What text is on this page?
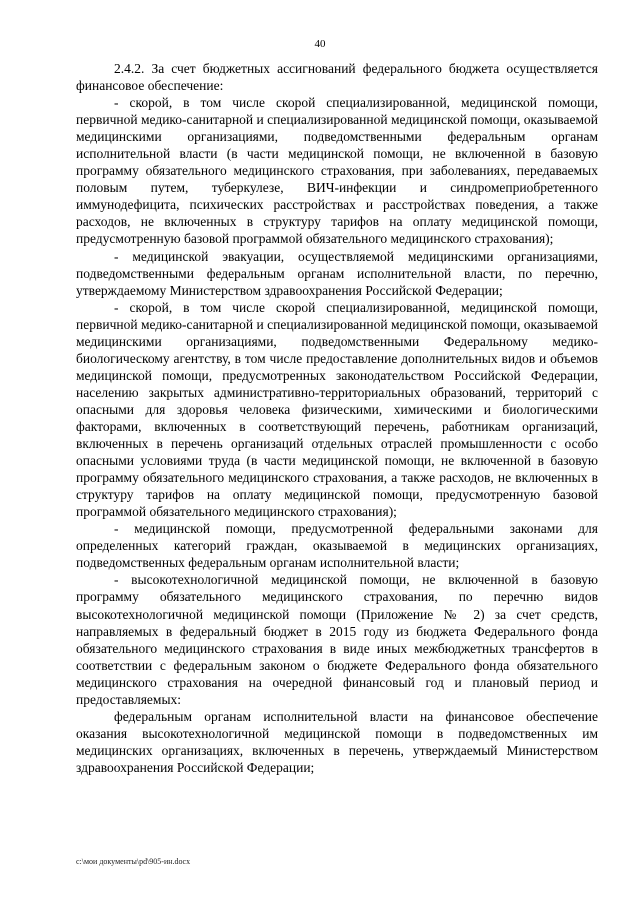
40

2.4.2. За счет бюджетных ассигнований федерального бюджета осуществляется финансовое обеспечение:

- скорой, в том числе скорой специализированной, медицинской помощи, первичной медико-санитарной и специализированной медицинской помощи, оказываемой медицинскими организациями, подведомственными федеральным органам исполнительной власти (в части медицинской помощи, не включенной в базовую программу обязательного медицинского страхования, при заболеваниях, передаваемых половым путем, туберкулезе, ВИЧ-инфекции и синдромеприобретенного иммунодефицита, психических расстройствах и расстройствах поведения, а также расходов, не включенных в структуру тарифов на оплату медицинской помощи, предусмотренную базовой программой обязательного медицинского страхования);

- медицинской эвакуации, осуществляемой медицинскими организациями, подведомственными федеральным органам исполнительной власти, по перечню, утверждаемому Министерством здравоохранения Российской Федерации;

- скорой, в том числе скорой специализированной, медицинской помощи, первичной медико-санитарной и специализированной медицинской помощи, оказываемой медицинскими организациями, подведомственными Федеральному медико-биологическому агентству, в том числе предоставление дополнительных видов и объемов медицинской помощи, предусмотренных законодательством Российской Федерации, населению закрытых административно-территориальных образований, территорий с опасными для здоровья человека физическими, химическими и биологическими факторами, включенных в соответствующий перечень, работникам организаций, включенных в перечень организаций отдельных отраслей промышленности с особо опасными условиями труда (в части медицинской помощи, не включенной в базовую программу обязательного медицинского страхования, а также расходов, не включенных в структуру тарифов на оплату медицинской помощи, предусмотренную базовой программой обязательного медицинского страхования);

- медицинской помощи, предусмотренной федеральными законами для определенных категорий граждан, оказываемой в медицинских организациях, подведомственных федеральным органам исполнительной власти;

- высокотехнологичной медицинской помощи, не включенной в базовую программу обязательного медицинского страхования, по перечню видов высокотехнологичной медицинской помощи (Приложение № 2) за счет средств, направляемых в федеральный бюджет в 2015 году из бюджета Федерального фонда обязательного медицинского страхования в виде иных межбюджетных трансфертов в соответствии с федеральным законом о бюджете Федерального фонда обязательного медицинского страхования на очередной финансовый год и плановый период и предоставляемых:

федеральным органам исполнительной власти на финансовое обеспечение оказания высокотехнологичной медицинской помощи в подведомственных им медицинских организациях, включенных в перечень, утверждаемый Министерством здравоохранения Российской Федерации;

c:\мои документы\pd\905-ин.docx
